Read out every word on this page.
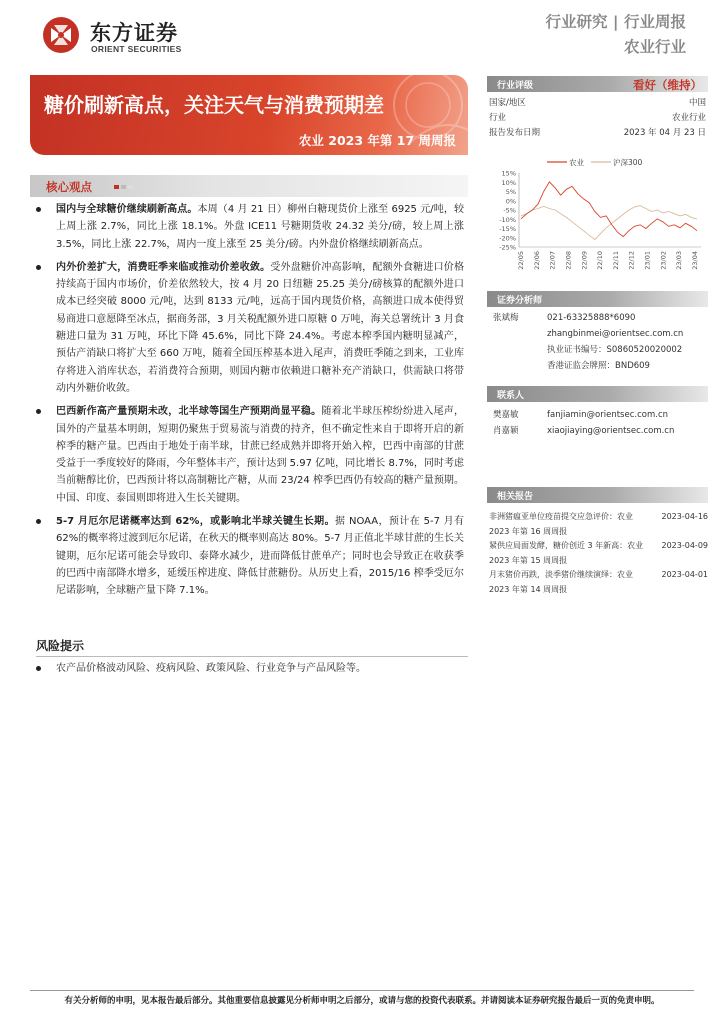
东方证券
ORIENT SECURITIES
行业研究 | 行业周报
农业行业
糖价刷新高点，关注天气与消费预期差
农业 2023 年第 17 周周报
行业评级	看好（维持）
国家/地区	中国
行业	农业行业
报告发布日期	2023 年 04 月 23 日
农业	沪深300
15%
10%
5%
0%
-5%
-10%
-15%
-20%
-25%
22/05 22/06 22/07 22/08 22/09 22/10 22/11 22/12 23/01 23/02 23/03 23/04
证券分析师
张斌梅	021-63325888*6090
zhangbinmei@orientsec.com.cn
执业证书编号：S0860520020002
香港证监会牌照：BND609
联系人
樊嘉敏	fanjiamin@orientsec.com.cn
肖嘉颖	xiaojiaying@orientsec.com.cn
相关报告
非洲猪瘟亚单位疫苗提交应急评价：农业 2023 年第 16 周周报
2023-04-16
紧供应局面发酵，糖价创近 3 年新高：农业 2023 年第 15 周周报
2023-04-09
月末猪价再跌，淡季猪价继续演绎：农业 2023 年第 14 周周报
2023-04-01
核心观点
国内与全球糖价继续刷新高点。本周（4 月 21 日）柳州白糖现货价上涨至 6925 元/吨，较上周上涨 2.7%，同比上涨 18.1%。外盘 ICE11 号糖期货收 24.32 美分/磅，较上周上涨 3.5%，同比上涨 22.7%，周内一度上涨至 25 美分/磅。内外盘价格继续刷新高点。
内外价差扩大，消费旺季来临或推动价差收敛。受外盘糖价冲高影响，配额外食糖进口价格持续高于国内市场价，价差依然较大，按 4 月 20 日纽糖 25.25 美分/磅核算的配额外进口成本已经突破 8000 元/吨，达到 8133 元/吨，远高于国内现货价格，高额进口成本使得贸易商进口意愿降至冰点，据商务部，3 月关税配额外进口原糖 0 万吨，海关总署统计 3 月食糖进口量为 31 万吨，环比下降 45.6%，同比下降 24.4%。考虑本榨季国内糖明显减产，预估产消缺口将扩大至 660 万吨，随着全国压榨基本进入尾声，消费旺季随之到来，工业库存将进入消库状态，若消费符合预期，则国内糖市依赖进口糖补充产消缺口，供需缺口将带动内外糖价收敛。
巴西新作高产量预期未改，北半球等国生产预期尚显平稳。随着北半球压榨纷纷进入尾声，国外的产量基本明朗，短期仍聚焦于贸易流与消费的持齐，但不确定性来自于即将开启的新榨季的糖产量。巴西由于地处于南半球，甘蔗已经成熟并即将开始入榨，巴西中南部的甘蔗受益于一季度较好的降雨，今年整体丰产，预计达到 5.97 亿吨，同比增长 8.7%，同时考虑当前糖醇比价，巴西预计将以高制糖比产糖，从而 23/24 榨季巴西仍有较高的糖产量预期。中国、印度、泰国则即将进入生长关键期。
5-7 月厄尔尼诺概率达到 62%，或影响北半球关键生长期。据 NOAA，预计在 5-7 月有 62%的概率将过渡到厄尔尼诺，在秋天的概率则高达 80%。5-7 月正值北半球甘蔗的生长关键期，厄尔尼诺可能会导致印、泰降水减少，进而降低甘蔗单产；同时也会导致正在收获季的巴西中南部降水增多，延缓压榨进度、降低甘蔗糖份。从历史上看，2015/16 榨季受厄尔尼诺影响，全球糖产量下降 7.1%。
风险提示
农产品价格波动风险、疫病风险、政策风险、行业竞争与产品风险等。
有关分析师的申明，见本报告最后部分。其他重要信息披露见分析师申明之后部分，或请与您的投资代表联系。并请阅读本证券研究报告最后一页的免责申明。
